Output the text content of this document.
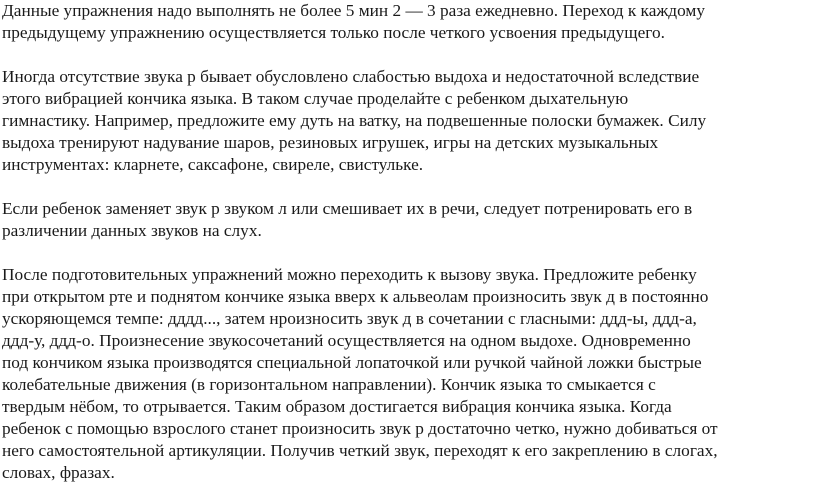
Данные упражнения надо выполнять не более 5 мин 2 — 3 раза ежедневно. Переход к каждому
предыдущему упражнению осуществляется только после четкого усвоения предыдущего.
Иногда отсутствие звука р бывает обусловлено слабостью выдоха и недостаточной вследствие
этого вибрацией кончика языка. В таком случае проделайте с ребенком дыхательную
гимнастику. Например, предложите ему дуть на ватку, на подвешенные полоски бумажек. Силу
выдоха тренируют надувание шаров, резиновых игрушек, игры на детских музыкальных
инструментах: кларнете, саксафоне, свиреле, свистульке.
Если ребенок заменяет звук р звуком л или смешивает их в речи, следует потренировать его в
различении данных звуков на слух.
После подготовительных упражнений можно переходить к вызову звука. Предложите ребенку
при открытом рте и поднятом кончике языка вверх к альвеолам произносить звук д в постоянно
ускоряющемся темпе: дддд..., затем нроизносить звук д в сочетании с гласными: ддд-ы, ддд-а,
ддд-у, ддд-о. Произнесение звукосочетаний осуществляется на одном выдохе. Одновременно
под кончиком языка производятся специальной лопаточкой или ручкой чайной ложки быстрые
колебательные движения (в горизонтальном направлении). Кончик языка то смыкается с
твердым нёбом, то отрывается. Таким образом достигается вибрация кончика языка. Когда
ребенок с помощью взрослого станет произносить звук р достаточно четко, нужно добиваться от
него самостоятельной артикуляции. Получив четкий звук, переходят к его закреплению в слогах,
словах, фразах.
